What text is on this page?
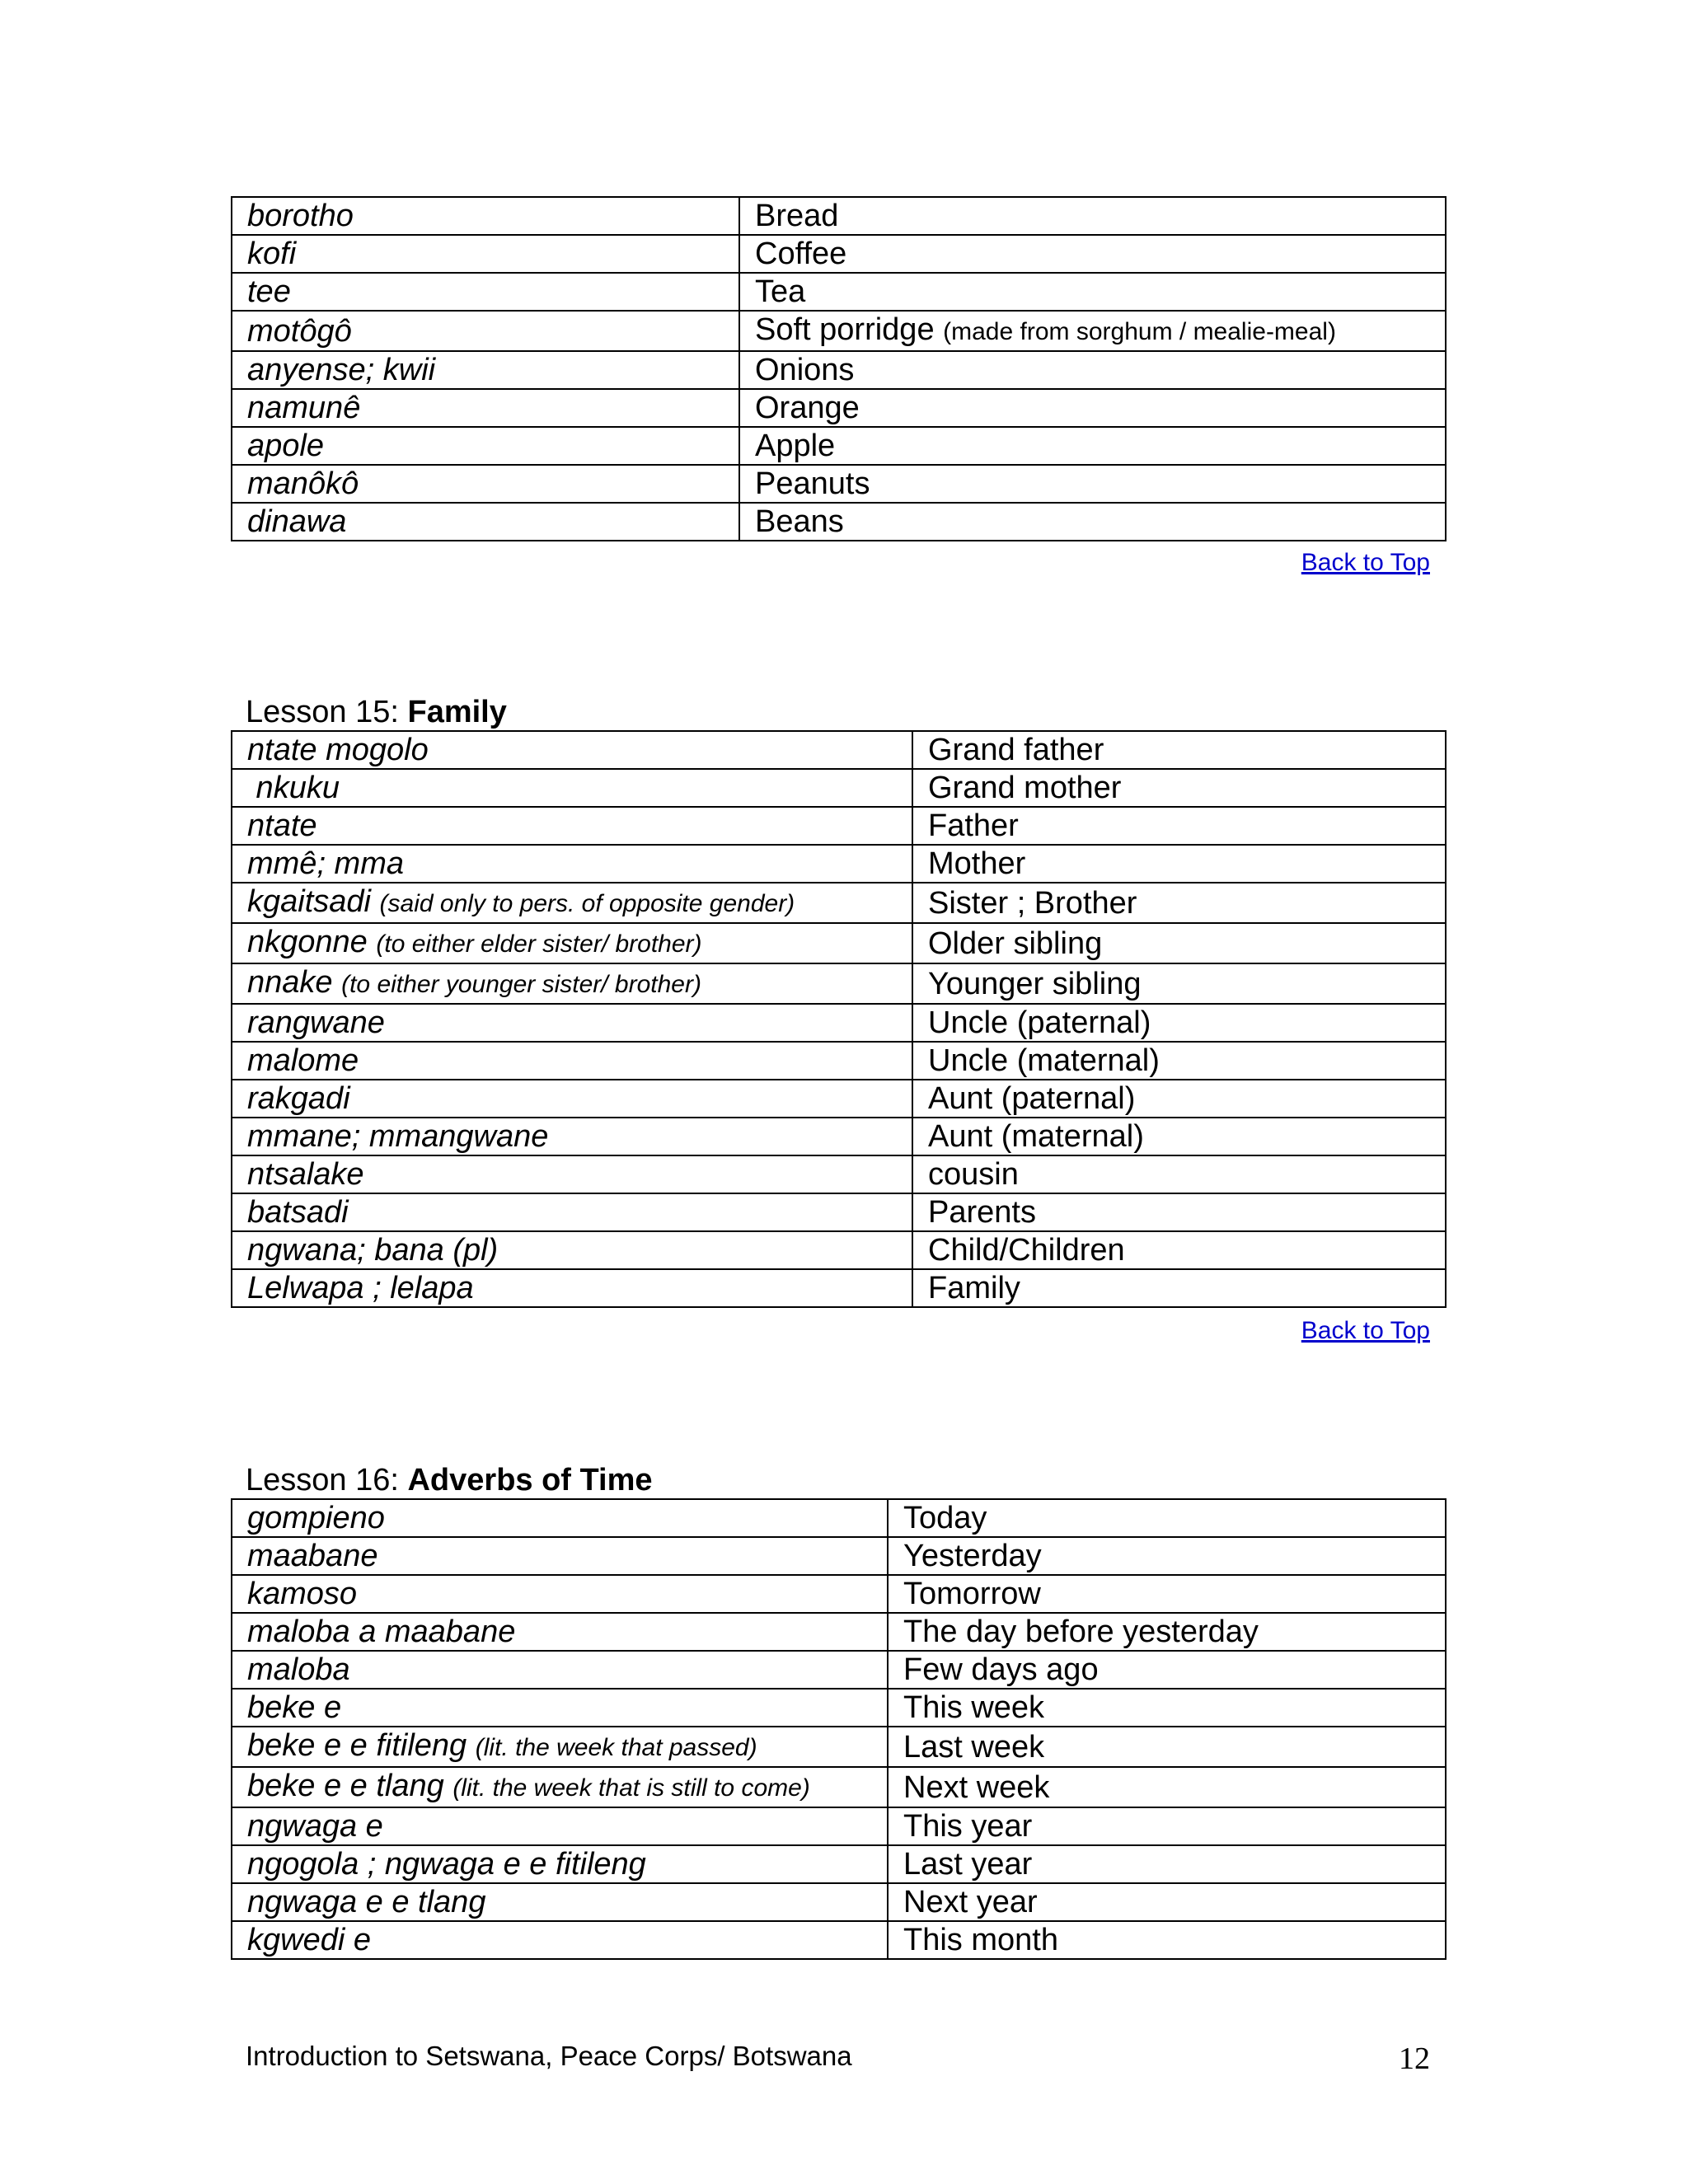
borotho	Bread
kofi	Coffee
tee	Tea
motôgô	Soft porridge (made from sorghum / mealie-meal)
anyense; kwii	Onions
namunê	Orange
apole	Apple
manôkô	Peanuts
dinawa	Beans
Back to Top
Lesson 15: Family
ntate mogolo	Grand father
nkuku	Grand mother
ntate	Father
mmê; mma	Mother
kgaitsadi (said only to pers. of opposite gender)	Sister ; Brother
nkgonne (to either elder sister/ brother)	Older sibling
nnake (to either younger sister/ brother)	Younger sibling
rangwane	Uncle (paternal)
malome	Uncle (maternal)
rakgadi	Aunt (paternal)
mmane; mmangwane	Aunt (maternal)
ntsalake	cousin
batsadi	Parents
ngwana; bana (pl)	Child/Children
Lelwapa ; lelapa	Family
Back to Top
Lesson 16: Adverbs of Time
gompieno	Today
maabane	Yesterday
kamoso	Tomorrow
maloba a maabane	The day before yesterday
maloba	Few days ago
beke e	This week
beke e e fitileng (lit. the week that passed)	Last week
beke e e tlang (lit. the week that is still to come)	Next week
ngwaga e	This year
ngogola ; ngwaga e e fitileng	Last year
ngwaga e e tlang	Next year
kgwedi e	This month
Introduction to Setswana, Peace Corps/ Botswana	12
